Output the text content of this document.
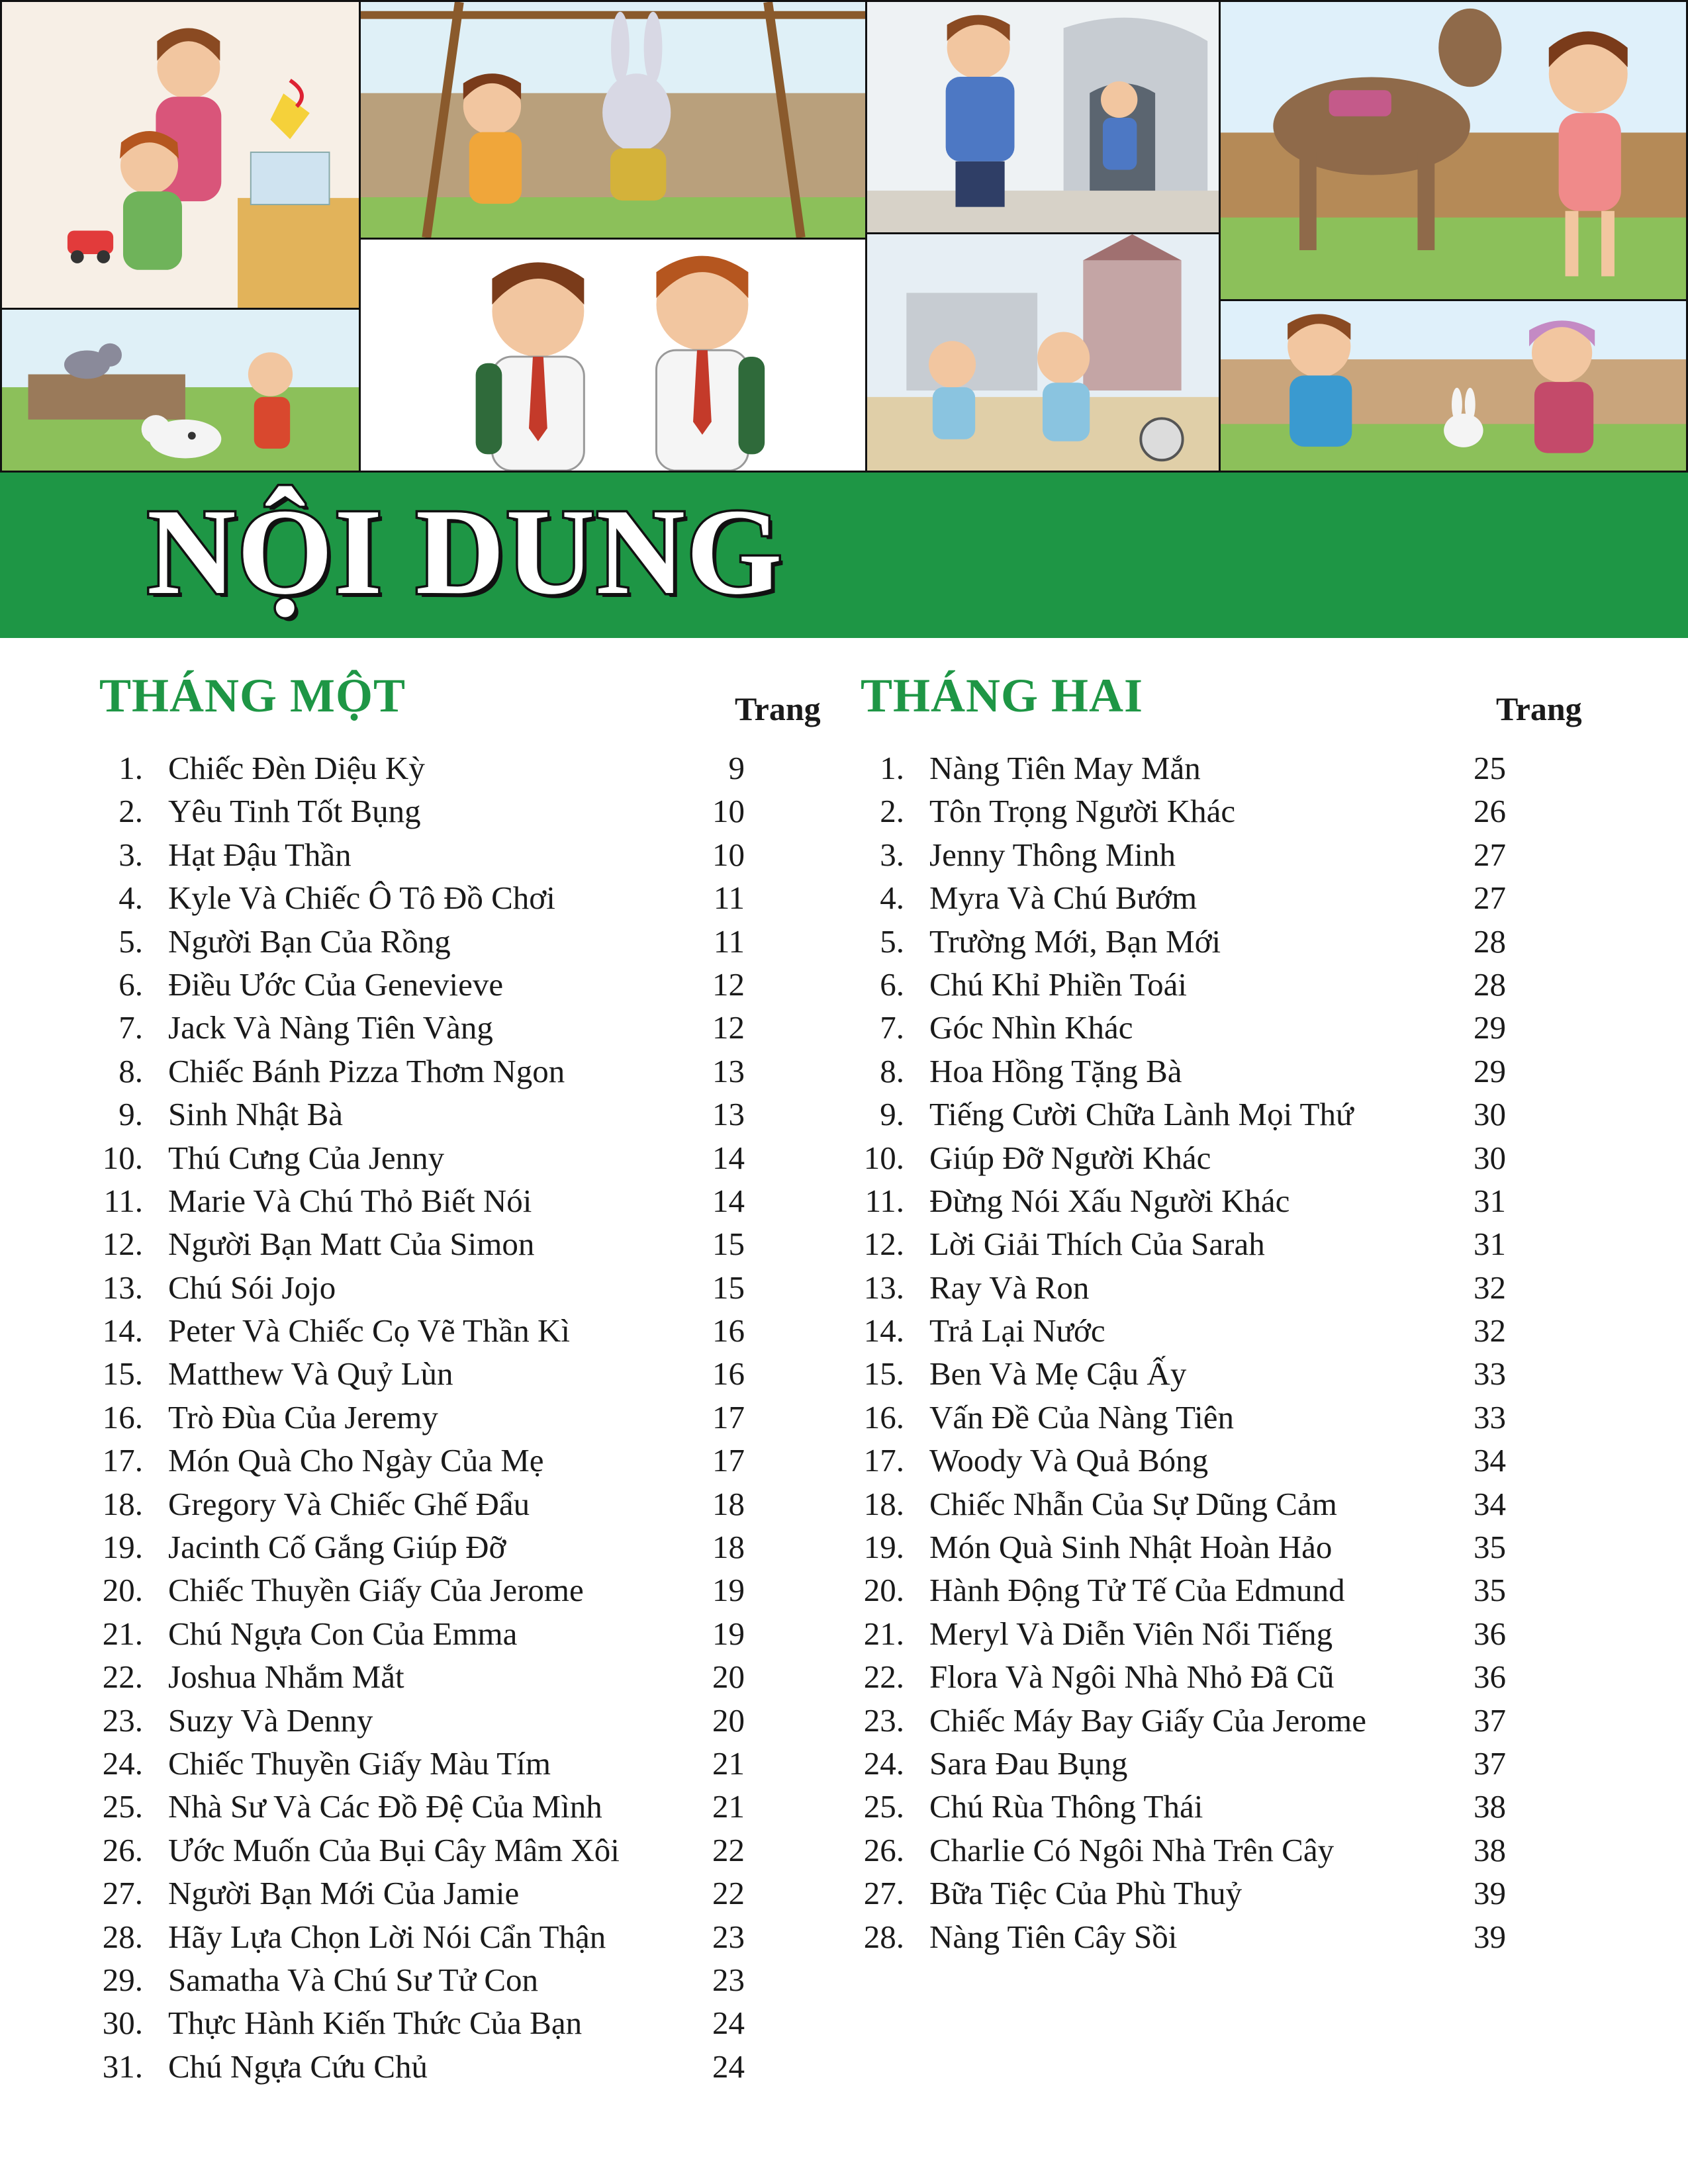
NỘI DUNG
THÁNG MỘT	Trang
1. Chiếc Đèn Diệu Kỳ	9
2. Yêu Tinh Tốt Bụng	10
3. Hạt Đậu Thần	10
4. Kyle Và Chiếc Ô Tô Đồ Chơi	11
5. Người Bạn Của Rồng	11
6. Điều Ước Của Genevieve	12
7. Jack Và Nàng Tiên Vàng	12
8. Chiếc Bánh Pizza Thơm Ngon	13
9. Sinh Nhật Bà	13
10. Thú Cưng Của Jenny	14
11. Marie Và Chú Thỏ Biết Nói	14
12. Người Bạn Matt Của Simon	15
13. Chú Sói Jojo	15
14. Peter Và Chiếc Cọ Vẽ Thần Kì	16
15. Matthew Và Quỷ Lùn	16
16. Trò Đùa Của Jeremy	17
17. Món Quà Cho Ngày Của Mẹ	17
18. Gregory Và Chiếc Ghế Đẩu	18
19. Jacinth Cố Gắng Giúp Đỡ	18
20. Chiếc Thuyền Giấy Của Jerome	19
21. Chú Ngựa Con Của Emma	19
22. Joshua Nhắm Mắt	20
23. Suzy Và Denny	20
24. Chiếc Thuyền Giấy Màu Tím	21
25. Nhà Sư Và Các Đồ Đệ Của Mình	21
26. Ước Muốn Của Bụi Cây Mâm Xôi	22
27. Người Bạn Mới Của Jamie	22
28. Hãy Lựa Chọn Lời Nói Cẩn Thận	23
29. Samatha Và Chú Sư Tử Con	23
30. Thực Hành Kiến Thức Của Bạn	24
31. Chú Ngựa Cứu Chủ	24
THÁNG HAI	Trang
1. Nàng Tiên May Mắn	25
2. Tôn Trọng Người Khác	26
3. Jenny Thông Minh	27
4. Myra Và Chú Bướm	27
5. Trường Mới, Bạn Mới	28
6. Chú Khỉ Phiền Toái	28
7. Góc Nhìn Khác	29
8. Hoa Hồng Tặng Bà	29
9. Tiếng Cười Chữa Lành Mọi Thứ	30
10. Giúp Đỡ Người Khác	30
11. Đừng Nói Xấu Người Khác	31
12. Lời Giải Thích Của Sarah	31
13. Ray Và Ron	32
14. Trả Lại Nước	32
15. Ben Và Mẹ Cậu Ấy	33
16. Vấn Đề Của Nàng Tiên	33
17. Woody Và Quả Bóng	34
18. Chiếc Nhẫn Của Sự Dũng Cảm	34
19. Món Quà Sinh Nhật Hoàn Hảo	35
20. Hành Động Tử Tế Của Edmund	35
21. Meryl Và Diễn Viên Nổi Tiếng	36
22. Flora Và Ngôi Nhà Nhỏ Đã Cũ	36
23. Chiếc Máy Bay Giấy Của Jerome	37
24. Sara Đau Bụng	37
25. Chú Rùa Thông Thái	38
26. Charlie Có Ngôi Nhà Trên Cây	38
27. Bữa Tiệc Của Phù Thuỷ	39
28. Nàng Tiên Cây Sồi	39
